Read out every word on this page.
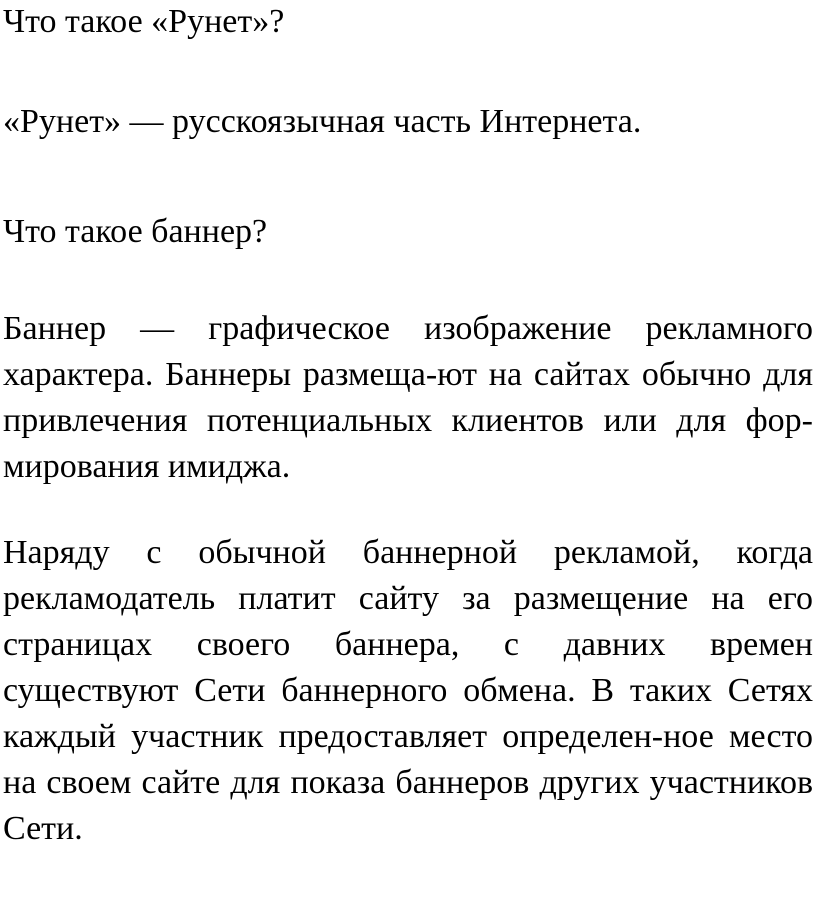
Что такое «Рунет»?
«Рунет» — русскоязычная часть Интернета.
Что такое баннер?
Баннер — графическое изображение рекламного
характера. Баннеры размеща-ют на сайтах обычно для
привлечения потенциальных клиентов или для фор-
мирования имиджа.
Наряду с обычной баннерной рекламой, когда
рекламодатель платит сайту за размещение на его
страницах своего баннера, с давних времен
существуют Сети баннерного обмена. В таких Сетях
каждый участник предоставляет определен-ное место
на своем сайте для показа баннеров других участников
Сети.
